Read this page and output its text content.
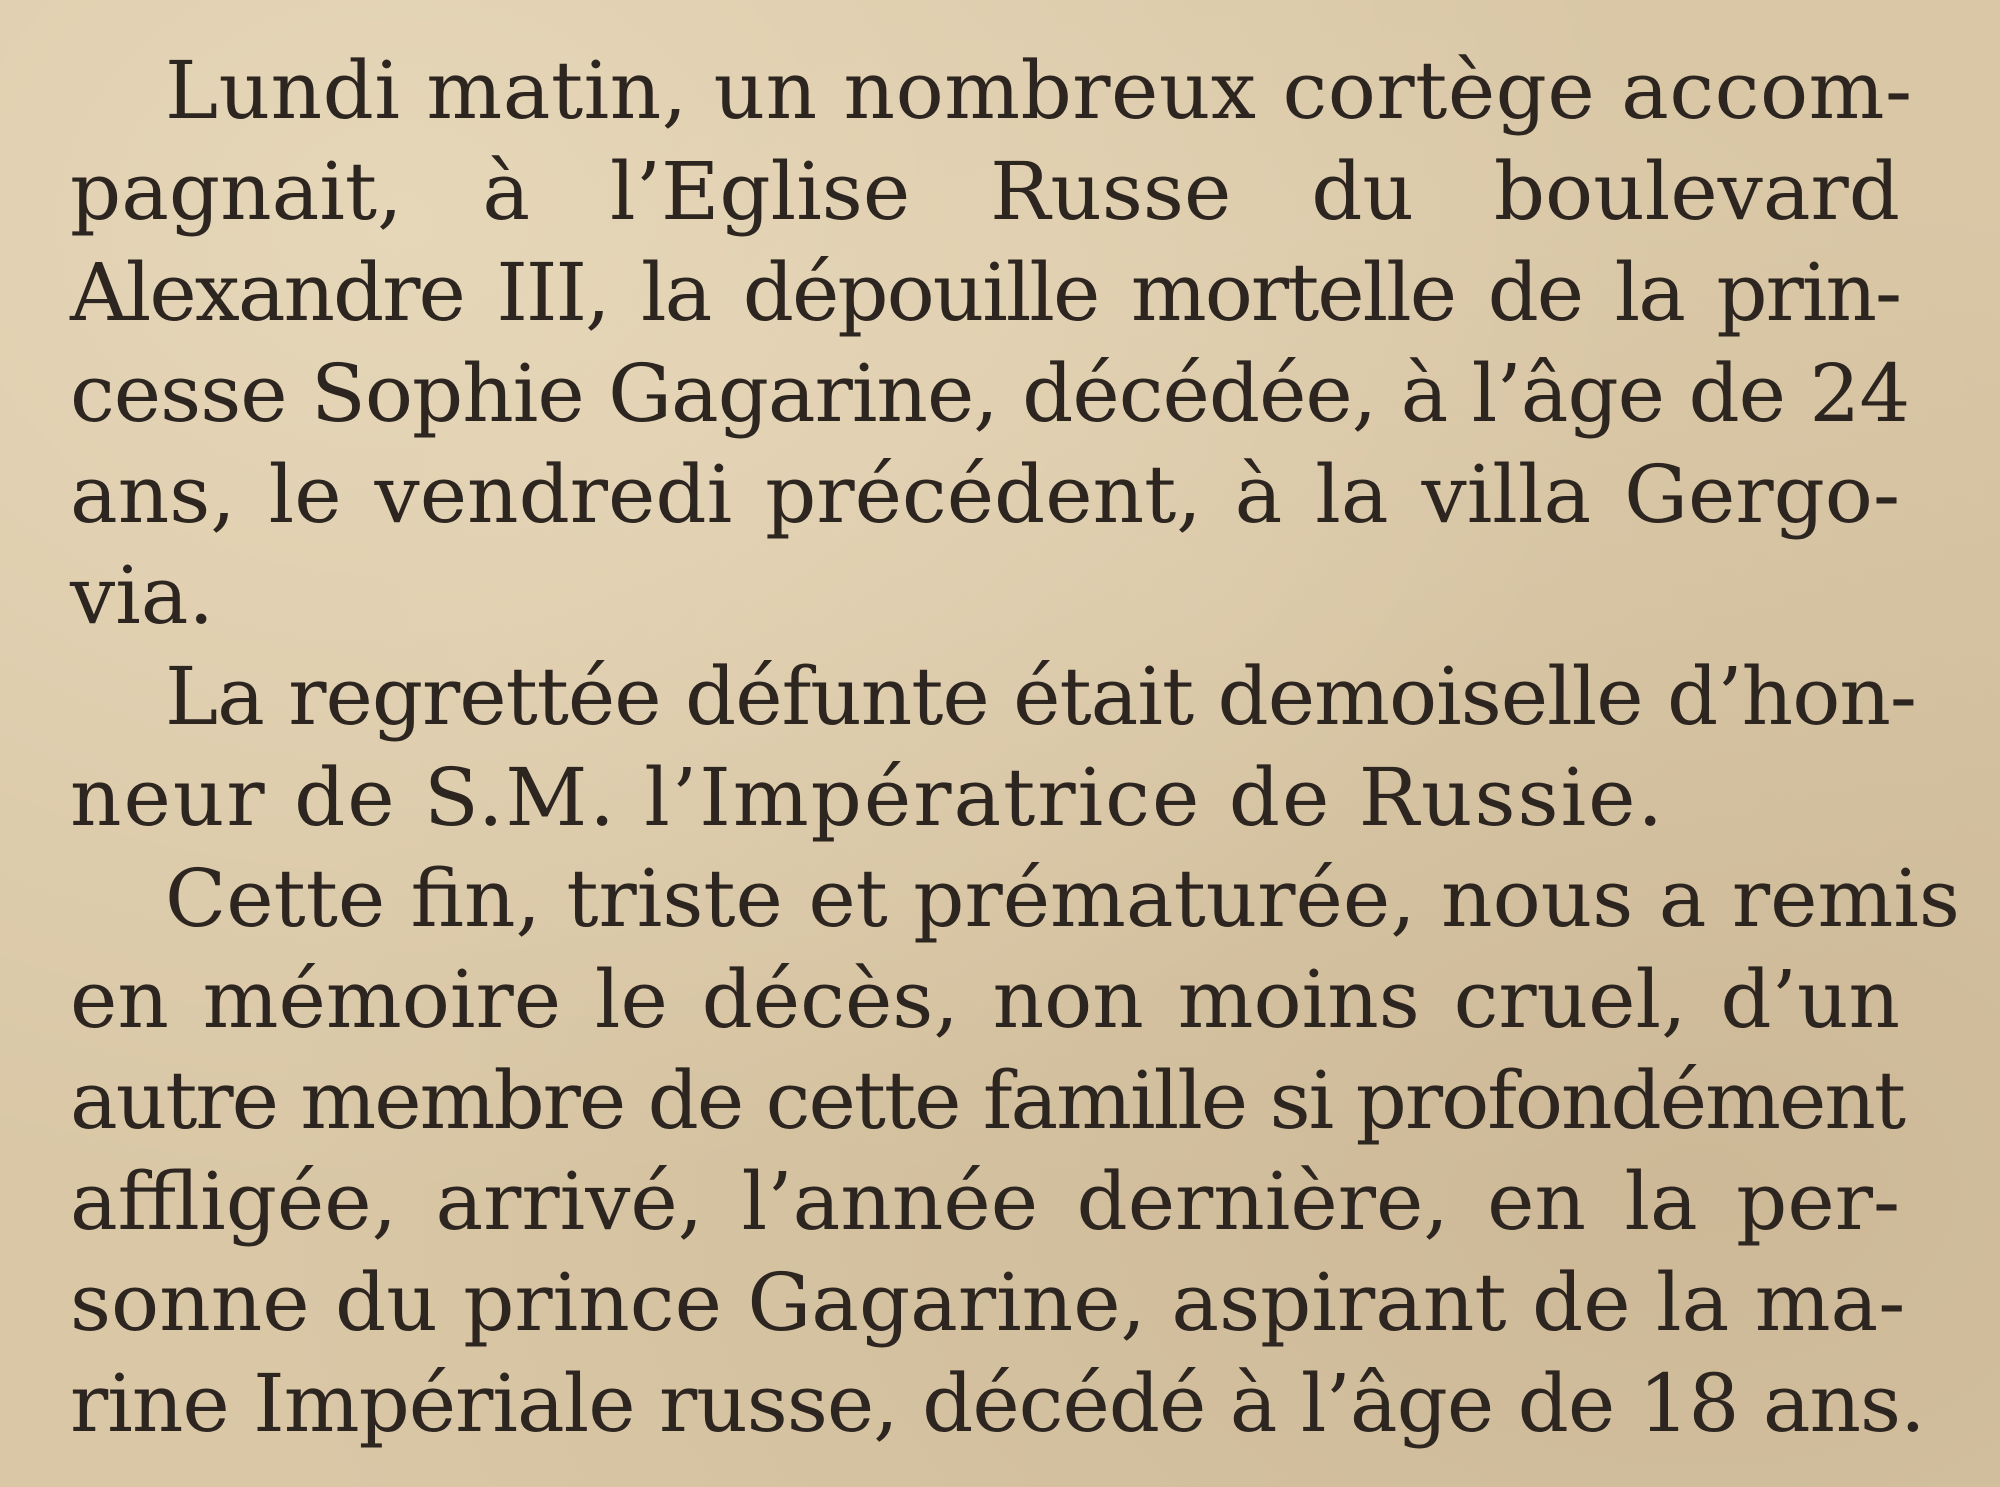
Lundi matin, un nombreux cortège accom-
pagnait, à l’Eglise Russe du boulevard
Alexandre III, la dépouille mortelle de la prin-
cesse Sophie Gagarine, décédée, à l’âge de 24
ans, le vendredi précédent, à la villa Gergo-
via.
La regrettée défunte était demoiselle d’hon-
neur de S.M. l’Impératrice de Russie.
Cette fin, triste et prématurée, nous a remis
en mémoire le décès, non moins cruel, d’un
autre membre de cette famille si profondément
affligée, arrivé, l’année dernière, en la per-
sonne du prince Gagarine, aspirant de la ma-
rine Impériale russe, décédé à l’âge de 18 ans.
